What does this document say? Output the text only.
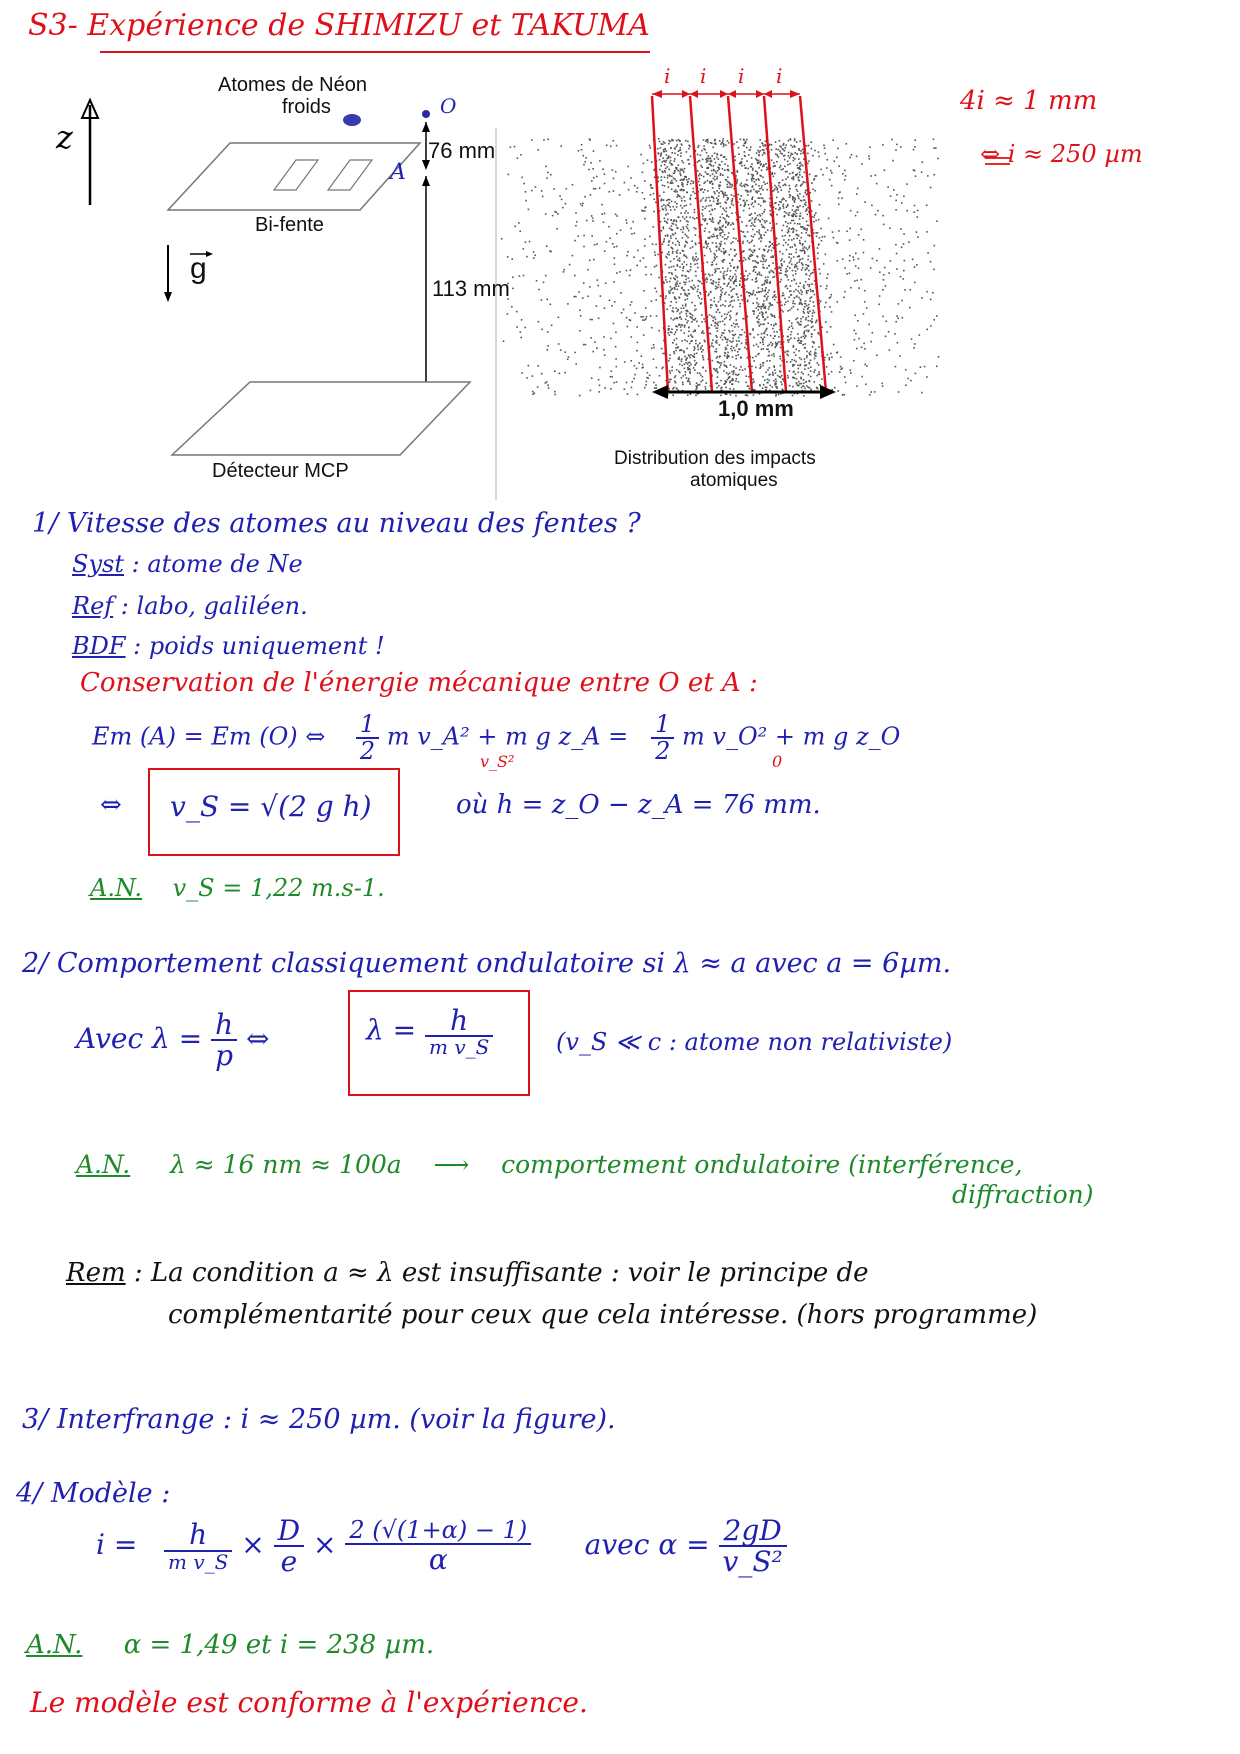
S3- Expérience de SHIMIZU et TAKUMA
Atomes de Néon
froids	O
A
z
g
76 mm
113 mm
Bi-fente
Détecteur MCP
1,0 mm
Distribution des impacts
atomiques
i i i i
4i ≈ 1 mm
⇔ i ≈ 250 µm
1/ Vitesse des atomes au niveau des fentes ?
Syst : atome de Ne
Ref : labo, galiléen.
BDF : poids uniquement !
Conservation de l'énergie mécanique entre O et A :
Em (A) = Em (O) ⇔ $\frac{1}{2}$ m v_A² + m g z_A = $\frac{1}{2}$ m v_O² + m g z_O
v_S²	0
⇔ v_S = √(2 g h)	où h = z_O − z_A = 76 mm.
A.N. v_S = 1,22 m.s-1.
2/ Comportement classiquement ondulatoire si λ ≈ a avec a = 6µm.
Avec $\lambda = \frac{h}{p}$ ⇔	$\lambda = \frac{h}{\text{m v\_S}}$	(v_S ≪ c : atome non relativiste)
A.N. λ ≈ 16 nm ≈ 100a ⟶ comportement ondulatoire (interférence,
diffraction)
Rem : La condition a ≈ λ est insuffisante : voir le principe de
complémentarité pour ceux que cela intéresse. (hors programme)
3/ Interfrange : i ≈ 250 µm. (voir la figure).
4/ Modèle :
$i = \frac{h}{\text{m v\_S}} \times \frac{D}{e} \times \frac{2 (√(1+\alpha) - 1)}{\alpha}$ avec $\alpha = \frac{2gD}{\text{v\_S²}}$
A.N. α = 1,49 et i = 238 µm.
Le modèle est conforme à l'expérience.
